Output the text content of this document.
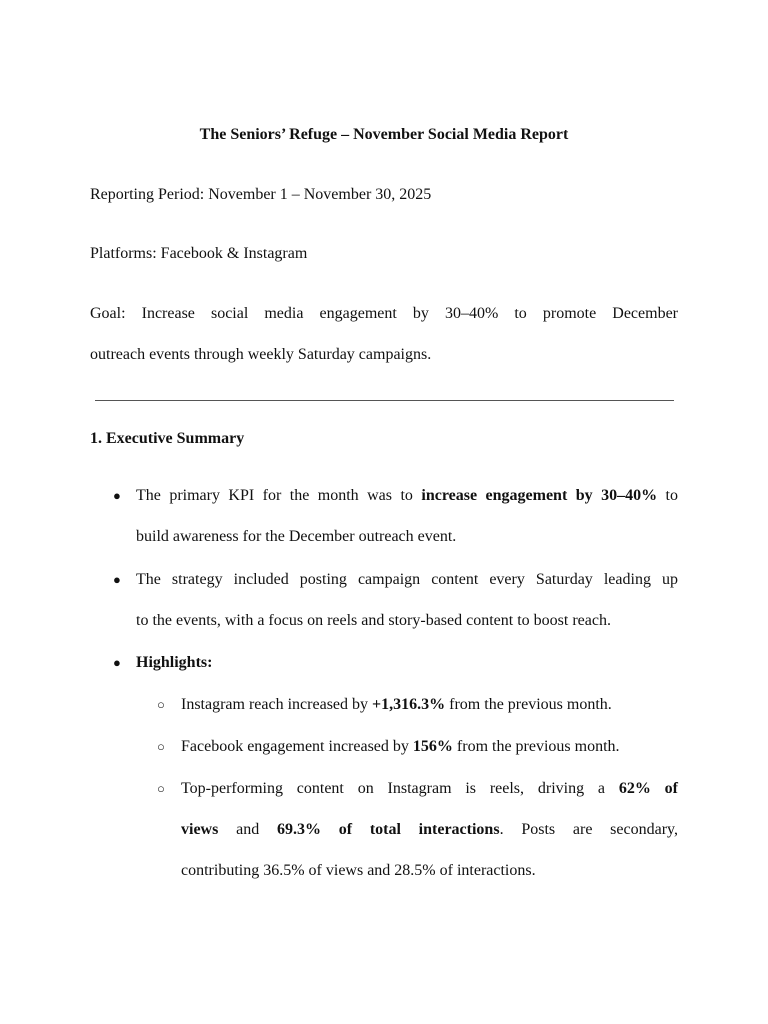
The Seniors’ Refuge – November Social Media Report
Reporting Period: November 1 – November 30, 2025
Platforms: Facebook & Instagram
Goal: Increase social media engagement by 30–40% to promote December
outreach events through weekly Saturday campaigns.
1. Executive Summary
● The primary KPI for the month was to increase engagement by 30–40% to
build awareness for the December outreach event.
● The strategy included posting campaign content every Saturday leading up
to the events, with a focus on reels and story-based content to boost reach.
● Highlights:
○ Instagram reach increased by +1,316.3% from the previous month.
○ Facebook engagement increased by 156% from the previous month.
○ Top-performing content on Instagram is reels, driving a 62% of
views and 69.3% of total interactions. Posts are secondary,
contributing 36.5% of views and 28.5% of interactions.
